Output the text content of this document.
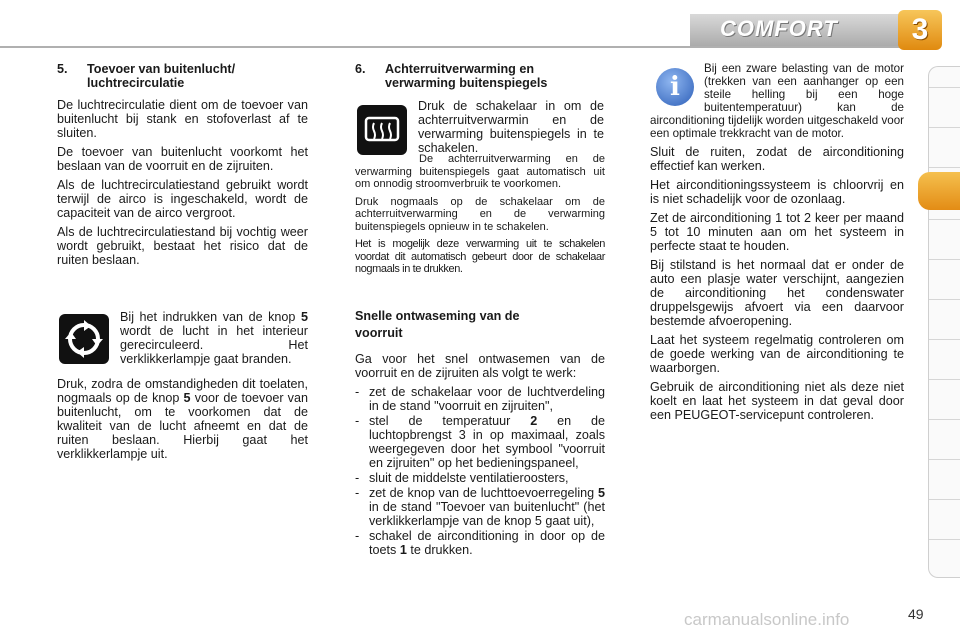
COMFORT	3
5.	Toevoer van buitenlucht/ luchtrecirculatie

De luchtrecirculatie dient om de toevoer van buitenlucht bij stank en stofoverlast af te sluiten.

De toevoer van buitenlucht voorkomt het beslaan van de voorruit en de zijruiten.

Als de luchtrecirculatiestand gebruikt wordt terwijl de airco is ingeschakeld, wordt de capaciteit van de airco vergroot.

Als de luchtrecirculatiestand bij vochtig weer wordt gebruikt, bestaat het risico dat de ruiten beslaan.

Bij het indrukken van de knop 5 wordt de lucht in het interieur gerecirculeerd. Het verklikkerlampje gaat branden.

Druk, zodra de omstandigheden dit toelaten, nogmaals op de knop 5 voor de toevoer van buitenlucht, om te voorkomen dat de kwaliteit van de lucht afneemt en dat de ruiten beslaan. Hierbij gaat het verklikkerlampje uit.

6.	Achterruitverwarming en verwarming buitenspiegels

Druk de schakelaar in om de achterruitverwarmin en de verwarming buitenspiegels in te schakelen.

De achterruitverwarming en de verwarming buitenspiegels gaat automatisch uit om onnodig stroomverbruik te voorkomen.

Druk nogmaals op de schakelaar om de achterruitverwarming en de verwarming buitenspiegels opnieuw in te schakelen.

Het is mogelijk deze verwarming uit te schakelen voordat dit automatisch gebeurt door de schakelaar nogmaals in te drukken.

Snelle ontwaseming van de voorruit

Ga voor het snel ontwasemen van de voorruit en de zijruiten als volgt te werk:

- zet de schakelaar voor de luchtverdeling in de stand "voorruit en zijruiten",
- stel de temperatuur 2 en de luchtopbrengst 3 in op maximaal, zoals weergegeven door het symbool "voorruit en zijruiten" op het bedieningspaneel,
- sluit de middelste ventilatieroosters,
- zet de knop van de luchttoevoerregeling 5 in de stand "Toevoer van buitenlucht" (het verklikkerlampje van de knop 5 gaat uit),
- schakel de airconditioning in door op de toets 1 te drukken.
i

Bij een zware belasting van de motor (trekken van een aanhanger op een steile helling bij een hoge buitentemperatuur) kan de airconditioning tijdelijk worden uitgeschakeld voor een optimale trekkracht van de motor.

Sluit de ruiten, zodat de airconditioning effectief kan werken.

Het airconditioningssysteem is chloorvrij en is niet schadelijk voor de ozonlaag.

Zet de airconditioning 1 tot 2 keer per maand 5 tot 10 minuten aan om het systeem in perfecte staat te houden.

Bij stilstand is het normaal dat er onder de auto een plasje water verschijnt, aangezien de airconditioning het condenswater druppelsgewijs afvoert via een daarvoor bestemde afvoeropening.

Laat het systeem regelmatig controleren om de goede werking van de airconditioning te waarborgen.

Gebruik de airconditioning niet als deze niet koelt en laat het systeem in dat geval door een PEUGEOT-servicepunt controleren.

carmanualsonline.info	49
